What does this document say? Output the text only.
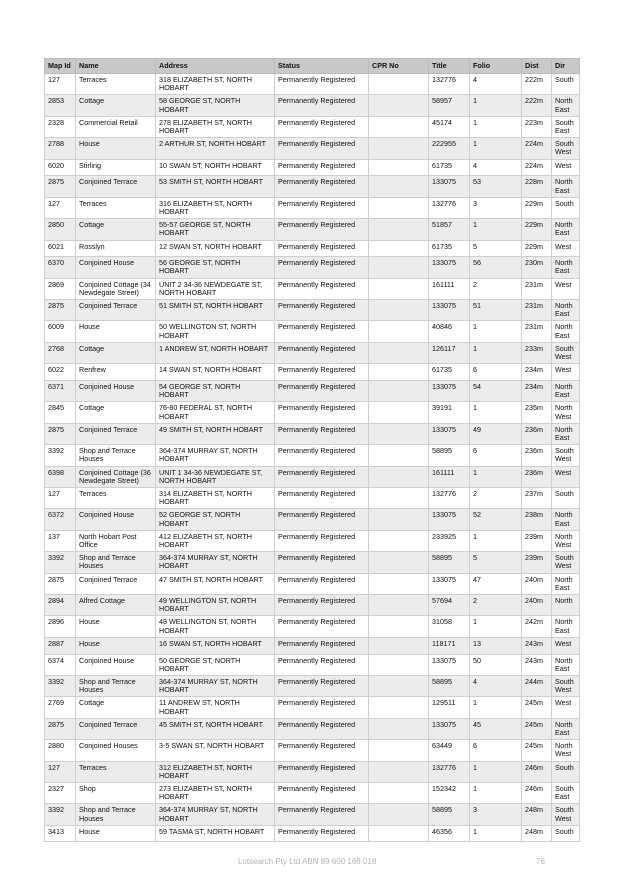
Map Id	Name	Address	Status	CPR No	Title	Folio	Dist	Dir
127	Terraces	318 ELIZABETH ST, NORTH HOBART	Permanently Registered		132776	4	222m	South
2853	Cottage	58 GEORGE ST, NORTH HOBART	Permanently Registered		58957	1	222m	North East
2328	Commercial Retail	278 ELIZABETH ST, NORTH HOBART	Permanently Registered		45174	1	223m	South East
2788	House	2 ARTHUR ST, NORTH HOBART	Permanently Registered		222955	1	224m	South West
6020	Stirling	10 SWAN ST, NORTH HOBART	Permanently Registered		61735	4	224m	West
2875	Conjoined Terrace	53 SMITH ST, NORTH HOBART	Permanently Registered		133075	53	228m	North East
127	Terraces	316 ELIZABETH ST, NORTH HOBART	Permanently Registered		132776	3	229m	South
2850	Cottage	55-57 GEORGE ST, NORTH HOBART	Permanently Registered		51857	1	229m	North East
6021	Rosslyn	12 SWAN ST, NORTH HOBART	Permanently Registered		61735	5	229m	West
6370	Conjoined House	56 GEORGE ST, NORTH HOBART	Permanently Registered		133075	56	230m	North East
2869	Conjoined Cottage (34 Newdegate Street)	UNIT 2 34-36 NEWDEGATE ST, NORTH HOBART	Permanently Registered		161111	2	231m	West
2875	Conjoined Terrace	51 SMITH ST, NORTH HOBART	Permanently Registered		133075	51	231m	North East
6009	House	50 WELLINGTON ST, NORTH HOBART	Permanently Registered		40846	1	231m	North East
2768	Cottage	1 ANDREW ST, NORTH HOBART	Permanently Registered		126117	1	233m	South West
6022	Renfrew	14 SWAN ST, NORTH HOBART	Permanently Registered		61735	6	234m	West
6371	Conjoined House	54 GEORGE ST, NORTH HOBART	Permanently Registered		133075	54	234m	North East
2845	Cottage	76-80 FEDERAL ST, NORTH HOBART	Permanently Registered		39191	1	235m	North West
2875	Conjoined Terrace	49 SMITH ST, NORTH HOBART	Permanently Registered		133075	49	236m	North East
3392	Shop and Terrace Houses	364-374 MURRAY ST, NORTH HOBART	Permanently Registered		58895	6	236m	South West
6398	Conjoined Cottage (36 Newdegate Street)	UNIT 1 34-36 NEWDEGATE ST, NORTH HOBART	Permanently Registered		161111	1	236m	West
127	Terraces	314 ELIZABETH ST, NORTH HOBART	Permanently Registered		132776	2	237m	South
6372	Conjoined House	52 GEORGE ST, NORTH HOBART	Permanently Registered		133075	52	238m	North East
137	North Hobart Post Office	412 ELIZABETH ST, NORTH HOBART	Permanently Registered		233925	1	239m	North West
3392	Shop and Terrace Houses	364-374 MURRAY ST, NORTH HOBART	Permanently Registered		58895	5	239m	South West
2875	Conjoined Terrace	47 SMITH ST, NORTH HOBART	Permanently Registered		133075	47	240m	North East
2894	Alfred Cottage	49 WELLINGTON ST, NORTH HOBART	Permanently Registered		57694	2	240m	North
2896	House	48 WELLINGTON ST, NORTH HOBART	Permanently Registered		31058	1	242m	North East
2887	House	16 SWAN ST, NORTH HOBART	Permanently Registered		118171	13	243m	West
6374	Conjoined House	50 GEORGE ST, NORTH HOBART	Permanently Registered		133075	50	243m	North East
3392	Shop and Terrace Houses	364-374 MURRAY ST, NORTH HOBART	Permanently Registered		58895	4	244m	South West
2769	Cottage	11 ANDREW ST, NORTH HOBART	Permanently Registered		129511	1	245m	West
2875	Conjoined Terrace	45 SMITH ST, NORTH HOBART	Permanently Registered		133075	45	245m	North East
2880	Conjoined Houses	3-5 SWAN ST, NORTH HOBART	Permanently Registered		63449	6	245m	North West
127	Terraces	312 ELIZABETH ST, NORTH HOBART	Permanently Registered		132776	1	246m	South
2327	Shop	273 ELIZABETH ST, NORTH HOBART	Permanently Registered		152342	1	246m	South East
3392	Shop and Terrace Houses	364-374 MURRAY ST, NORTH HOBART	Permanently Registered		58895	3	248m	South West
3413	House	59 TASMA ST, NORTH HOBART	Permanently Registered		46356	1	248m	South
Lotsearch Pty Ltd ABN 89 600 168 018	76
